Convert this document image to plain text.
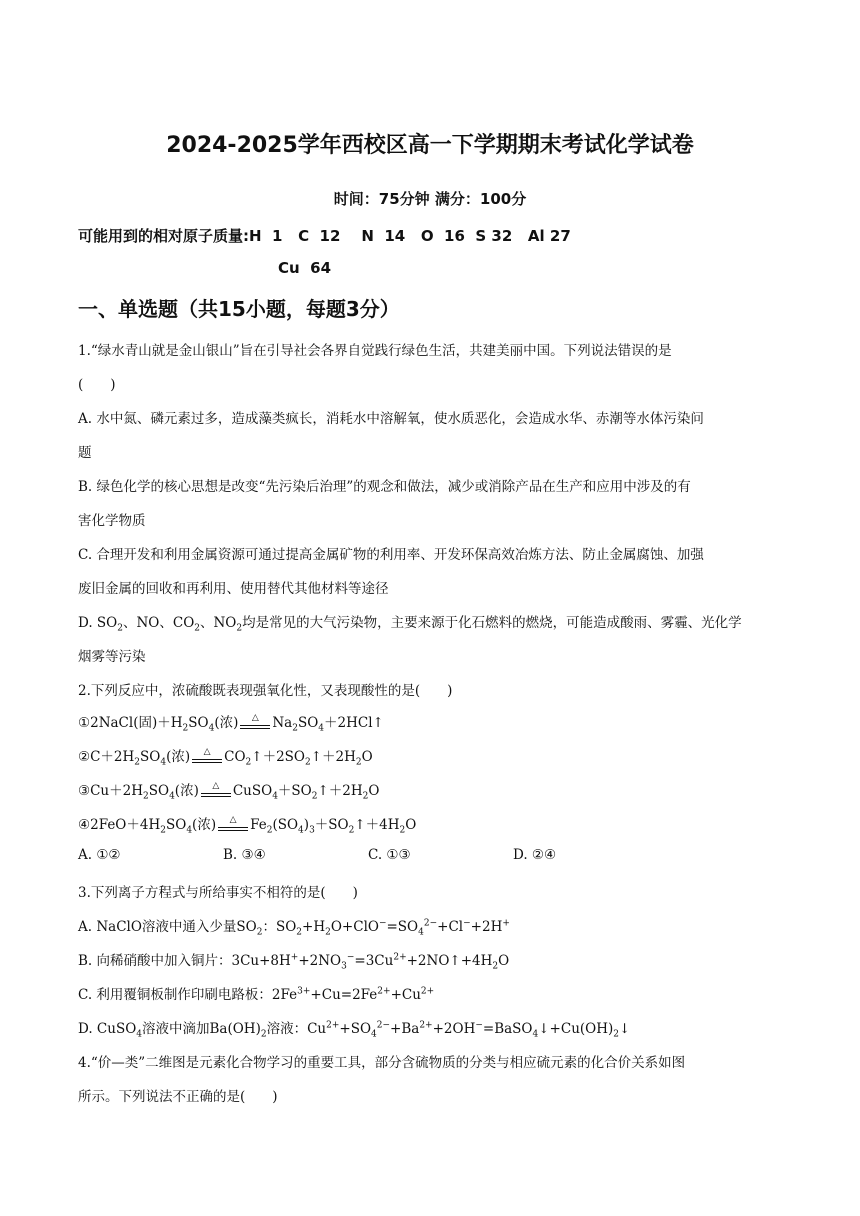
2024-2025学年西校区高一下学期期末考试化学试卷
时间：75分钟 满分：100分
可能用到的相对原子质量:H  1   C  12    N  14   O  16  S 32   Al 27
Cu  64
一、单选题（共15小题，每题3分）
1.“绿水青山就是金山银山”旨在引导社会各界自觉践行绿色生活，共建美丽中国。下列说法错误的是
(　　)
A. 水中氮、磷元素过多，造成藻类疯长，消耗水中溶解氧，使水质恶化，会造成水华、赤潮等水体污染问
题
B. 绿色化学的核心思想是改变“先污染后治理”的观念和做法，减少或消除产品在生产和应用中涉及的有
害化学物质
C. 合理开发和利用金属资源可通过提高金属矿物的利用率、开发环保高效冶炼方法、防止金属腐蚀、加强
废旧金属的回收和再利用、使用替代其他材料等途径
D. $SO_2$、NO、$CO_2$、$NO_2$均是常见的大气污染物，主要来源于化石燃料的燃烧，可能造成酸雨、雾霾、光化学
烟雾等污染
2.下列反应中，浓硫酸既表现强氧化性，又表现酸性的是(　　)
①2NaCl(固)$+H_2SO_4$(浓)	△	$Na_2SO_4+2HCl↑$
$②C+2H_2SO_4$(浓)	△	$CO_2↑+2SO_2↑+2H_2O$
$③Cu+2H_2SO_4$(浓)	△	$CuSO_4+SO_2↑+2H_2O$
$④2FeO+4H_2SO_4$(浓)	△	$Fe_2(SO_4)_3+SO_2↑+4H_2O$
A. ①②	B. ③④	C. ①③	D. ②④
3.下列离子方程式与所给事实不相符的是(　　)
A. NaClO溶液中通入少量$SO_2$：$SO_2+H_2O+ClO^-=SO_4^{2-}+Cl^-+2H^+$
B. 向稀硝酸中加入铜片：$3Cu+8H^++2NO_3^-=3Cu^{2+}+2NO↑+4H_2O$
C. 利用覆铜板制作印刷电路板：$2Fe^{3+}+Cu=2Fe^{2+}+Cu^{2+}$
D. CuSO$_4$溶液中滴加$Ba(OH)_2$溶液：$Cu^{2+}+SO_4^{2-}+Ba^{2+}+2OH^-=BaSO_4↓+Cu(OH)_2↓$
4.“价—类”二维图是元素化合物学习的重要工具，部分含硫物质的分类与相应硫元素的化合价关系如图
所示。下列说法不正确的是(　　)
